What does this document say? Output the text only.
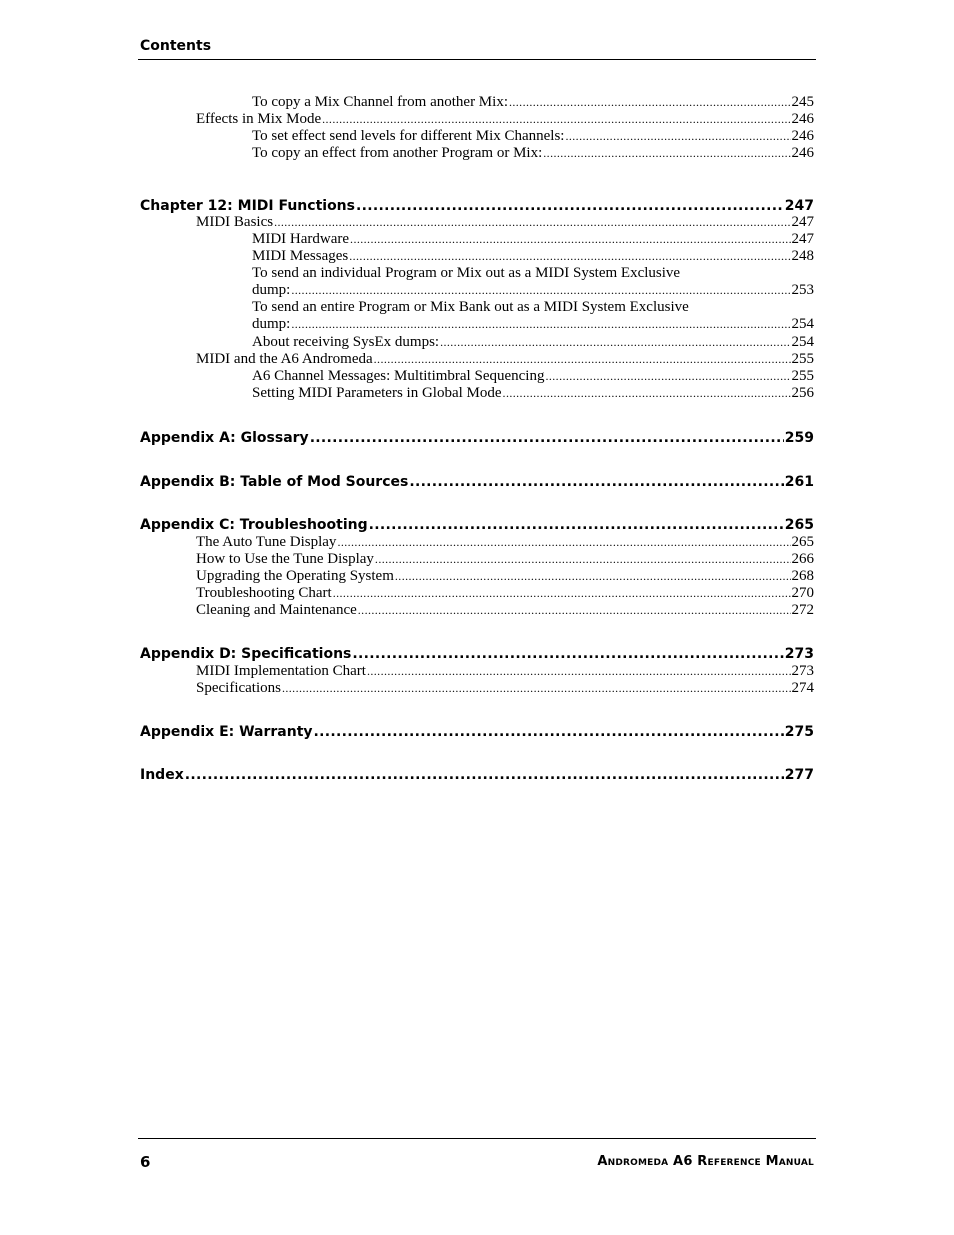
Contents
To copy a Mix Channel from another Mix: .....	245
Effects in Mix Mode .....	246
To set effect send levels for different Mix Channels: .....	246
To copy an effect from another Program or Mix: .....	246
Chapter 12: MIDI Functions .....	247
MIDI Basics .....	247
MIDI Hardware .....	247
MIDI Messages .....	248
To send an individual Program or Mix out as a MIDI System Exclusive
dump: .....	253
To send an entire Program or Mix Bank out as a MIDI System Exclusive
dump: .....	254
About receiving SysEx dumps: .....	254
MIDI and the A6 Andromeda .....	255
A6 Channel Messages: Multitimbral Sequencing .....	255
Setting MIDI Parameters in Global Mode .....	256
Appendix A: Glossary .....	259
Appendix B: Table of Mod Sources .....	261
Appendix C: Troubleshooting .....	265
The Auto Tune Display .....	265
How to Use the Tune Display .....	266
Upgrading the Operating System .....	268
Troubleshooting Chart .....	270
Cleaning and Maintenance .....	272
Appendix D: Specifications .....	273
MIDI Implementation Chart .....	273
Specifications .....	274
Appendix E: Warranty .....	275
Index .....	277
6	Andromeda A6 Reference Manual
